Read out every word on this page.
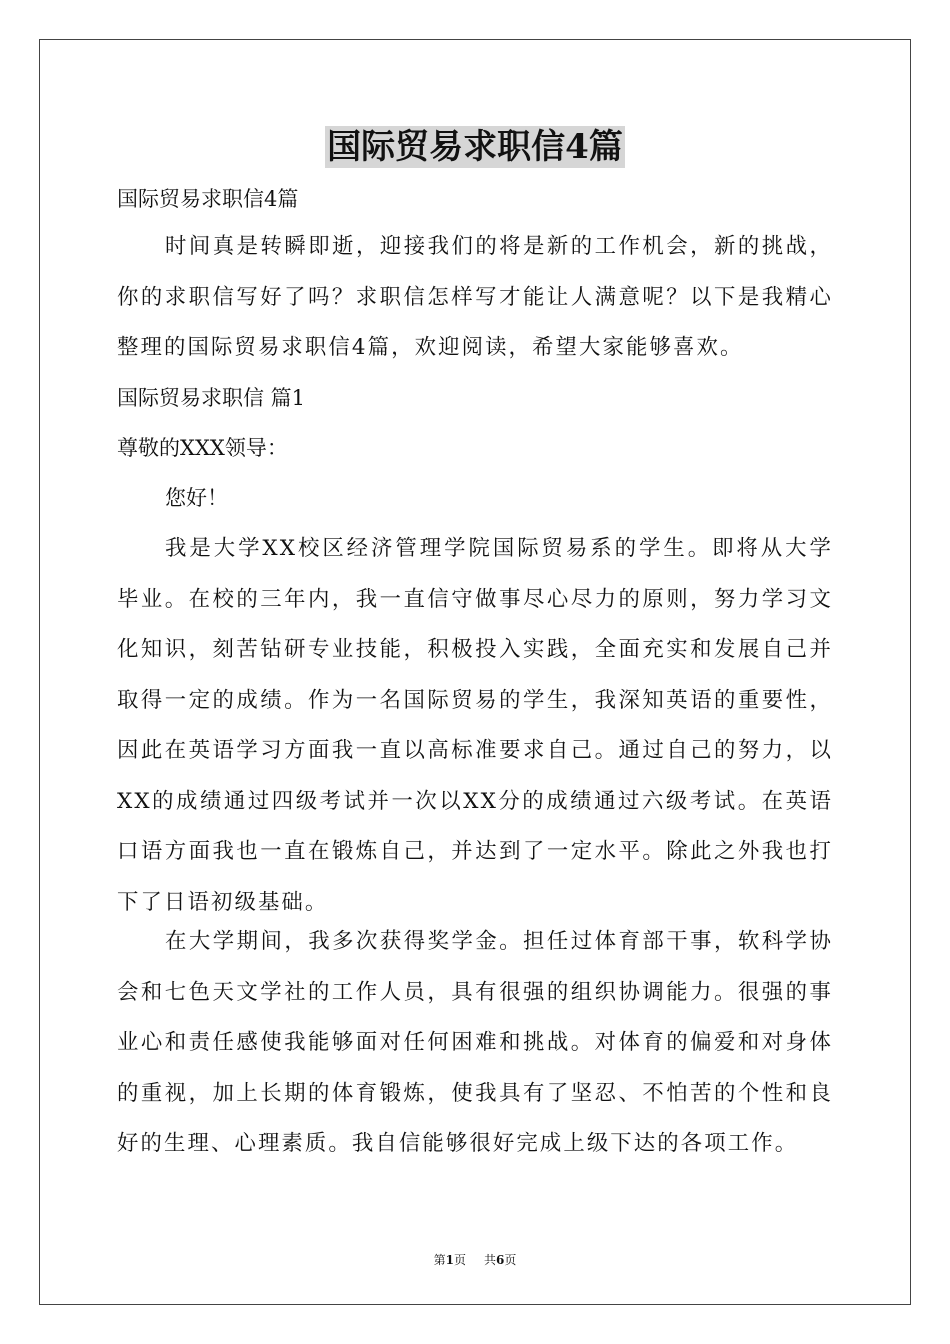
国际贸易求职信4篇
国际贸易求职信4篇
时间真是转瞬即逝，迎接我们的将是新的工作机会，新的挑战，你的求职信写好了吗？求职信怎样写才能让人满意呢？以下是我精心整理的国际贸易求职信4篇，欢迎阅读，希望大家能够喜欢。
国际贸易求职信 篇1
尊敬的XXX领导：
您好！
我是大学XX校区经济管理学院国际贸易系的学生。即将从大学毕业。在校的三年内，我一直信守做事尽心尽力的原则，努力学习文化知识，刻苦钻研专业技能，积极投入实践，全面充实和发展自己并取得一定的成绩。作为一名国际贸易的学生，我深知英语的重要性，因此在英语学习方面我一直以高标准要求自己。通过自己的努力，以XX的成绩通过四级考试并一次以XX分的成绩通过六级考试。在英语口语方面我也一直在锻炼自己，并达到了一定水平。除此之外我也打下了日语初级基础。
在大学期间，我多次获得奖学金。担任过体育部干事，软科学协会和七色天文学社的工作人员，具有很强的组织协调能力。很强的事业心和责任感使我能够面对任何困难和挑战。对体育的偏爱和对身体的重视，加上长期的体育锻炼，使我具有了坚忍、不怕苦的个性和良好的生理、心理素质。我自信能够很好完成上级下达的各项工作。
第1页 共6页
